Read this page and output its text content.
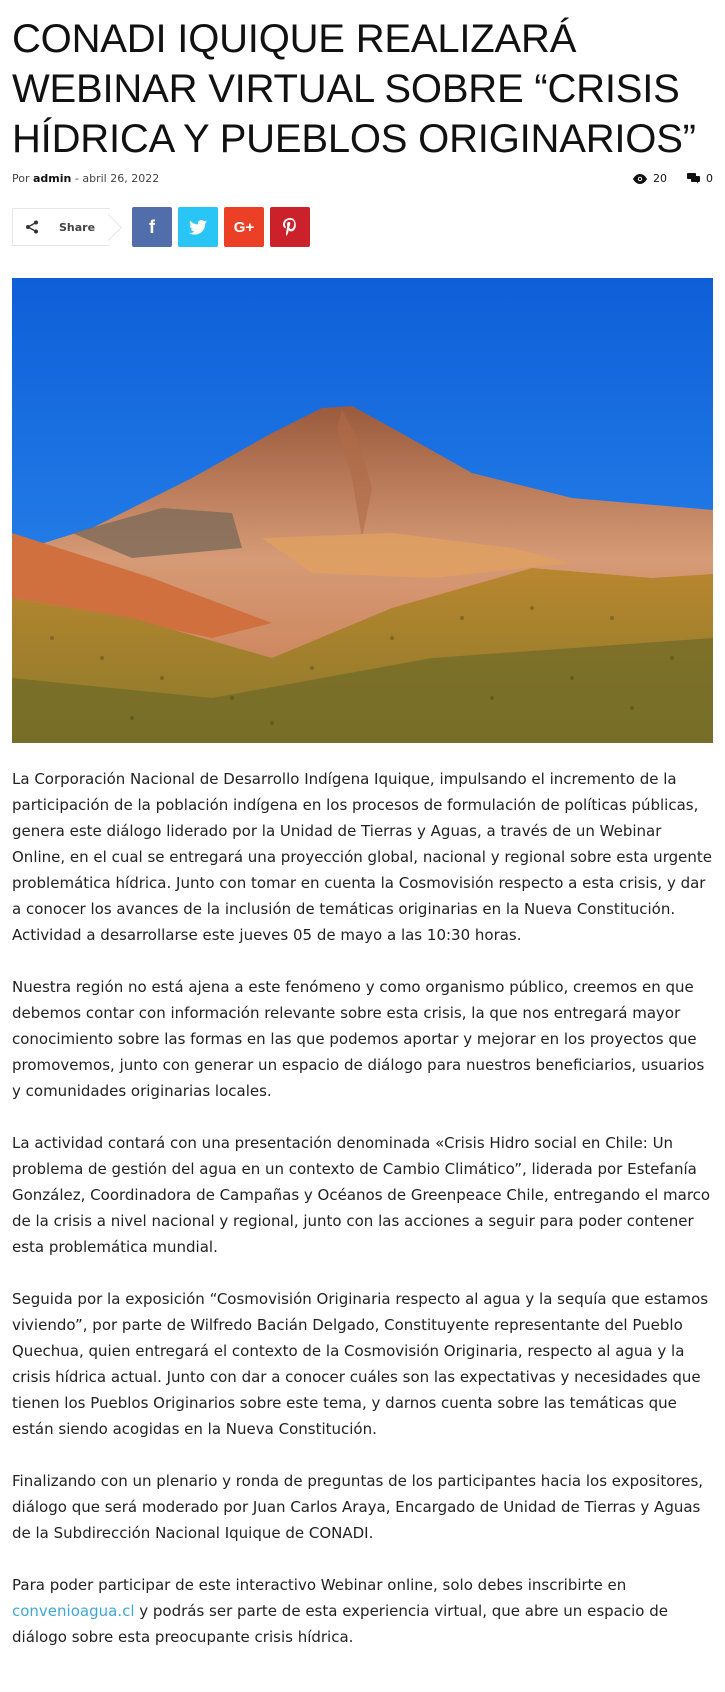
CONADI IQUIQUE REALIZARÁ WEBINAR VIRTUAL SOBRE “CRISIS HÍDRICA Y PUEBLOS ORIGINARIOS”
Por admin - abril 26, 2022	20	0
Share	f	G+

La Corporación Nacional de Desarrollo Indígena Iquique, impulsando el incremento de la participación de la población indígena en los procesos de formulación de políticas públicas, genera este diálogo liderado por la Unidad de Tierras y Aguas, a través de un Webinar Online, en el cual se entregará una proyección global, nacional y regional sobre esta urgente problemática hídrica. Junto con tomar en cuenta la Cosmovisión respecto a esta crisis, y dar a conocer los avances de la inclusión de temáticas originarias en la Nueva Constitución. Actividad a desarrollarse este jueves 05 de mayo a las 10:30 horas.

Nuestra región no está ajena a este fenómeno y como organismo público, creemos en que debemos contar con información relevante sobre esta crisis, la que nos entregará mayor conocimiento sobre las formas en las que podemos aportar y mejorar en los proyectos que promovemos, junto con generar un espacio de diálogo para nuestros beneficiarios, usuarios y comunidades originarias locales.

La actividad contará con una presentación denominada «Crisis Hidro social en Chile: Un problema de gestión del agua en un contexto de Cambio Climático”, liderada por Estefanía González, Coordinadora de Campañas y Océanos de Greenpeace Chile, entregando el marco de la crisis a nivel nacional y regional, junto con las acciones a seguir para poder contener esta problemática mundial.

Seguida por la exposición “Cosmovisión Originaria respecto al agua y la sequía que estamos viviendo”, por parte de Wilfredo Bacián Delgado, Constituyente representante del Pueblo Quechua, quien entregará el contexto de la Cosmovisión Originaria, respecto al agua y la crisis hídrica actual. Junto con dar a conocer cuáles son las expectativas y necesidades que tienen los Pueblos Originarios sobre este tema, y darnos cuenta sobre las temáticas que están siendo acogidas en la Nueva Constitución.

Finalizando con un plenario y ronda de preguntas de los participantes hacia los expositores, diálogo que será moderado por Juan Carlos Araya, Encargado de Unidad de Tierras y Aguas de la Subdirección Nacional Iquique de CONADI.

Para poder participar de este interactivo Webinar online, solo debes inscribirte en convenioagua.cl y podrás ser parte de esta experiencia virtual, que abre un espacio de diálogo sobre esta preocupante crisis hídrica.
